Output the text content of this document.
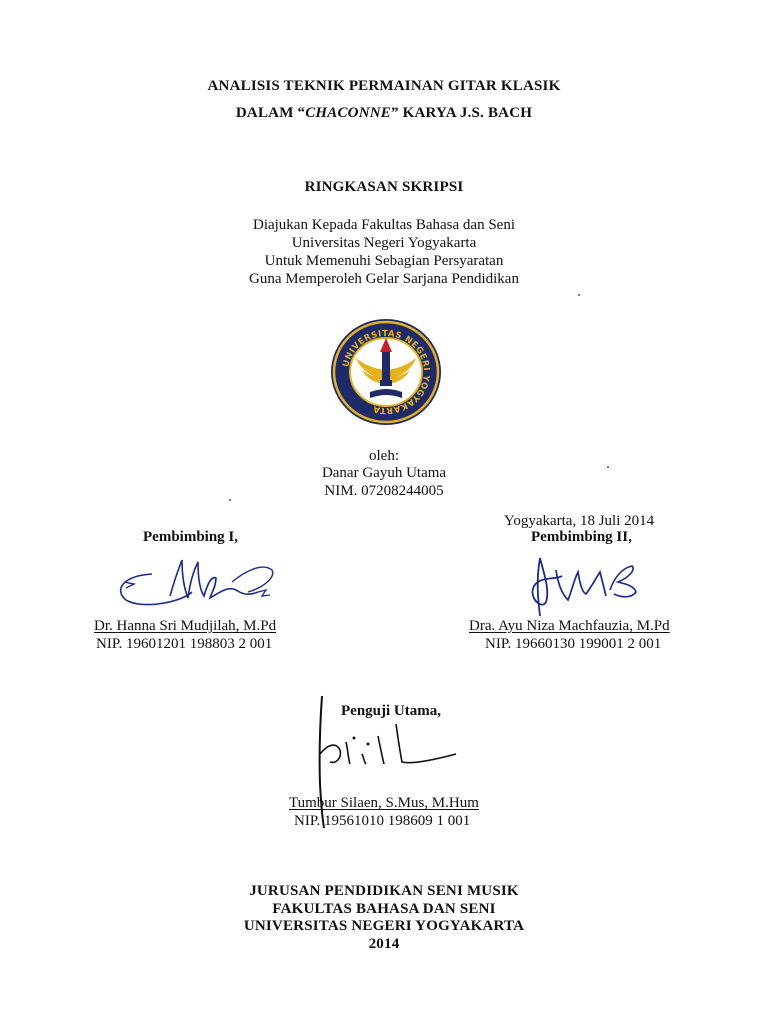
ANALISIS TEKNIK PERMAINAN GITAR KLASIK
DALAM “CHACONNE” KARYA J.S. BACH
RINGKASAN SKRIPSI
Diajukan Kepada Fakultas Bahasa dan Seni
Universitas Negeri Yogyakarta
Untuk Memenuhi Sebagian Persyaratan
Guna Memperoleh Gelar Sarjana Pendidikan
UNIVERSITAS NEGERI YOGYAKARTA
oleh:
Danar Gayuh Utama
NIM. 07208244005
Yogyakarta, 18 Juli 2014
Pembimbing I,
Dr. Hanna Sri Mudjilah, M.Pd
NIP. 19601201 198803 2 001
Pembimbing II,
Dra. Ayu Niza Machfauzia, M.Pd
NIP. 19660130 199001 2 001
Penguji Utama,
Tumbur Silaen, S.Mus, M.Hum
NIP. 19561010 198609 1 001
JURUSAN PENDIDIKAN SENI MUSIK
FAKULTAS BAHASA DAN SENI
UNIVERSITAS NEGERI YOGYAKARTA
2014
